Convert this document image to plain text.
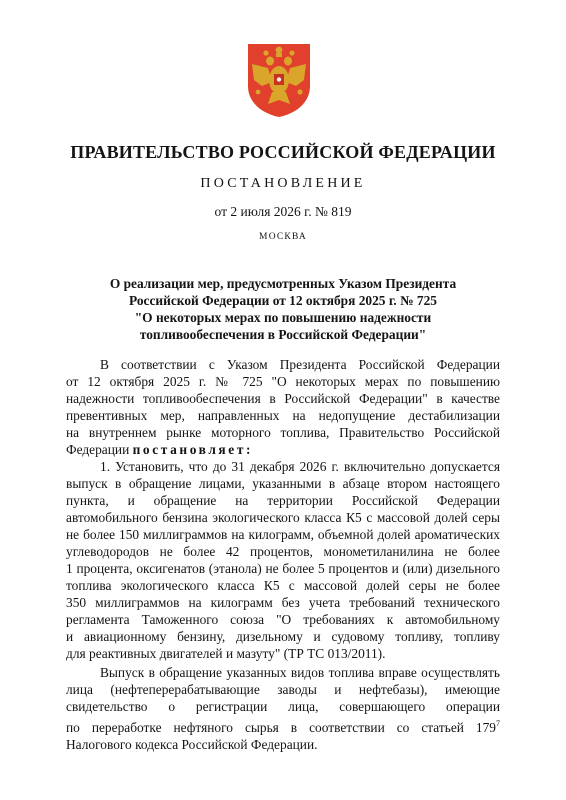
ПРАВИТЕЛЬСТВО РОССИЙСКОЙ ФЕДЕРАЦИИ
ПОСТАНОВЛЕНИЕ
от 2 июля 2026 г. № 819
МОСКВА
О реализации мер, предусмотренных Указом Президента
Российской Федерации от 12 октября 2025 г. № 725
"О некоторых мерах по повышению надежности
топливообеспечения в Российской Федерации"
В соответствии с Указом Президента Российской Федерации
от 12 октября 2025 г. № 725 "О некоторых мерах по повышению
надежности топливообеспечения в Российской Федерации" в качестве
превентивных мер, направленных на недопущение дестабилизации
на внутреннем рынке моторного топлива, Правительство Российской
Федерации постановляет:
1. Установить, что до 31 декабря 2026 г. включительно допускается
выпуск в обращение лицами, указанными в абзаце втором настоящего
пункта, и обращение на территории Российской Федерации
автомобильного бензина экологического класса К5 с массовой долей серы
не более 150 миллиграммов на килограмм, объемной долей ароматических
углеводородов не более 42 процентов, монометиланилина не более
1 процента, оксигенатов (этанола) не более 5 процентов и (или) дизельного
топлива экологического класса К5 с массовой долей серы не более
350 миллиграммов на килограмм без учета требований технического
регламента Таможенного союза "О требованиях к автомобильному
и авиационному бензину, дизельному и судовому топливу, топливу
для реактивных двигателей и мазуту" (ТР ТС 013/2011).
Выпуск в обращение указанных видов топлива вправе осуществлять
лица (нефтеперерабатывающие заводы и нефтебазы), имеющие
свидетельство о регистрации лица, совершающего операции
по переработке нефтяного сырья в соответствии со статьей $179^7$
Налогового кодекса Российской Федерации.
